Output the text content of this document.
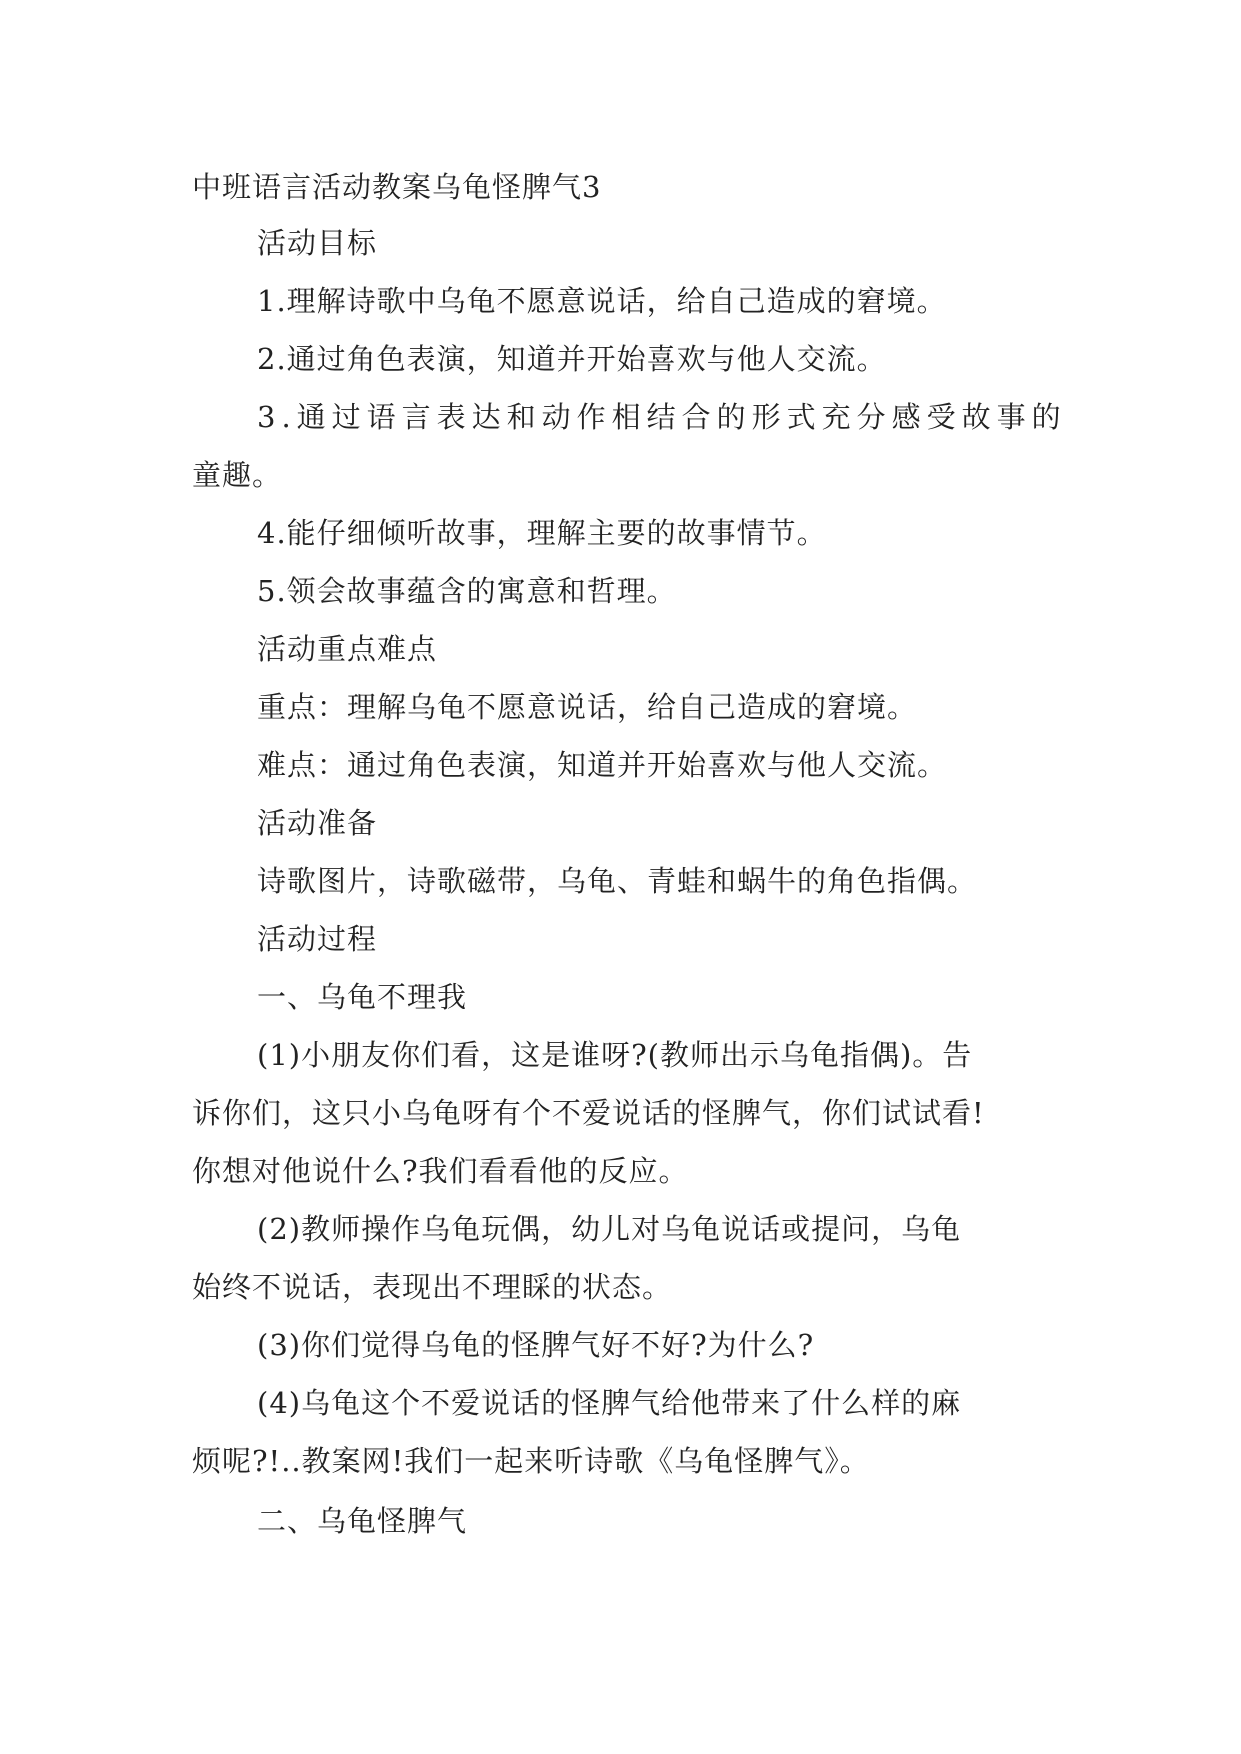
中班语言活动教案乌龟怪脾气3
活动目标
1.理解诗歌中乌龟不愿意说话，给自己造成的窘境。
2.通过角色表演，知道并开始喜欢与他人交流。
3.通过语言表达和动作相结合的形式充分感受故事的
童趣。
4.能仔细倾听故事，理解主要的故事情节。
5.领会故事蕴含的寓意和哲理。
活动重点难点
重点：理解乌龟不愿意说话，给自己造成的窘境。
难点：通过角色表演，知道并开始喜欢与他人交流。
活动准备
诗歌图片，诗歌磁带，乌龟、青蛙和蜗牛的角色指偶。
活动过程
一、乌龟不理我
(1)小朋友你们看，这是谁呀?(教师出示乌龟指偶)。告
诉你们，这只小乌龟呀有个不爱说话的怪脾气，你们试试看!
你想对他说什么?我们看看他的反应。
(2)教师操作乌龟玩偶，幼儿对乌龟说话或提问，乌龟
始终不说话，表现出不理睬的状态。
(3)你们觉得乌龟的怪脾气好不好?为什么?
(4)乌龟这个不爱说话的怪脾气给他带来了什么样的麻
烦呢?!..教案网!我们一起来听诗歌《乌龟怪脾气》。
二、乌龟怪脾气
